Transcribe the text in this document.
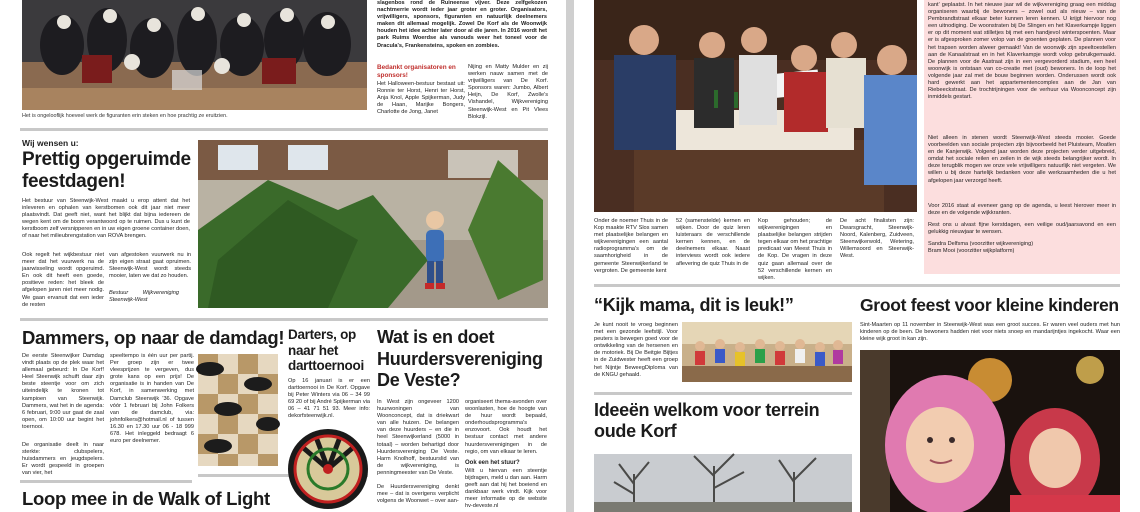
Het is ongelooflijk hoeveel werk de figuranten erin steken en hoe prachtig ze eruitzien.
slagenbos rond de Ruineense vijver. Deze zelfgekozen nachtmerrie wordt ieder jaar groter en groter. Organisators, vrijwilligers, sponsors, figuranten en natuurlijk deelnemers maken dit allemaal mogelijk. Zowel De Korf als de Woonwijk houden het idee achter later door al die jaren. In 2016 wordt het park Ruims Woerdse als vanouds weer het toneel voor de Dracula's, Frankensteins, spoken en zombies.
Bedankt organisatoren en sponsors!
Het Halloween-bestuur bestaat uit: Ronnie ter Horst, Henri ter Horst, Anja Knol, Apple Spijkerman, Judy de Haan, Marijke Bongers, Charlotte de Jong, Janet
Nijing en Matty Mulder en zij werken nauw samen met de vrijwilligers van De Korf. Sponsors waren: Jumbo, Albert Heijn, De Korf, Zwolle's Vishandel, Wijkvereniging Steenwijk-West en Pit Vlees Blokzijl.
Wij wensen u:
Prettig opgeruimde feestdagen!
Het bestuur van Steenwijk-West maakt u erop attent dat het inleveren en ophalen van kerstbomen ook dit jaar niet meer plaatsvindt. Dat geeft niet, want het blijkt dat bijna iedereen de wegen kent om de boom verantwoord op te ruimen. Dus u kunt de kerstboom zelf versnipperen en in uw eigen groene container doen, of naar het milieubrengstation van ROVA brengen.
Ook regelt het wijkbestuur niet meer dat het vuurwerk na de jaarwisseling wordt opgeruimd. En ook dit heeft een goede, positieve reden: het bleek de afgelopen jaren niet meer nodig. We gaan ervanuit dat een ieder de resten
van afgestoken vuurwerk nu in zijn eigen straat gaat opruimen. Steenwijk-West wordt steeds mooier, laten we dat zo houden.
Bestuur Wijkvereniging Steenwijk-West
Dammers, op naar de damdag!
De eerste Steenwijker Damdag vindt plaats op de plek waar het allemaal gebeurd: In De Korf! Heel Steenwijk schuift daar zijn beste steentje voor om zich uiteindelijk te kronen tot kampioen van Steenwijk. Dammers, wat het in de agenda: 6 februari, 9:00 uur gaat de zaal open, om 10:00 uur begint het toernooi.
De organisatie deelt in naar sterkte: clubspelers, huisdammers en jeugdspelers. Er wordt gespeeld in groepen van vier, het
speeltempo is één uur per partij. Per groep zijn er twee vleesprijzen te vergeven, dus grote kans op een prijs! De organisatie is in handen van De Korf, in samenwerking met Damclub Steenwijk '36. Opgave vóór 1 februari bij John Folkers van de damclub, via: johnfolkers@hotmail.nl of tussen 16.30 en 17.30 uur 06 - 18 999 678. Het inleggeld bedraagt 6 euro per deelnemer.
Darters, op naar het darttoernooi
Op 16 januari is er een darttoernooi in De Korf. Opgave bij Peter Winters via 06 – 34 99 69 20 of bij André Spijkerman via 06 – 41 71 51 93. Meer info: dekorfsteenwijk.nl.
Wat is en doet Huurdersvereniging De Veste?
In West zijn ongeveer 1200 huurwoningen van Woonconcept, dat is driekwart van alle huizen. De belangen van deze huurders – en die in heel Steenwijkerland (5000 in totaal) – worden behartigd door Huurdersvereniging De Veste. Harm Knolhoff, bestuurslid van de wijkvereniging, is penningmeester van De Veste.
De Huurdersvereniging denkt mee – dat is overigens verplicht volgens de Woonwet – over aan-
organiseert thema-avonden over woonlasten, hoe de hoogte van de huur wordt bepaald, onderhoudsprogramma's enzovoort. Ook houdt het bestuur contact met andere huurdersverenigingen in de regio, om van elkaar te leren.
Ook een het stuur?
Wilt u hiervan een steentje bijdragen, meld u dan aan. Harm geeft aan dat hij het boeiend en dankbaar werk vindt. Kijk voor meer informatie op de website hv-deveste.nl
Loop mee in de Walk of Light
Onder de noemer Thuis in de Kop maakte RTV Slos samen met plaatselijke belangen en wijkverenigingen een aantal radioprogramma's om de saamhorigheid in de gemeente Steenwijkerland te vergroten. De gemeente kent
52 (samenstelde) kernen en wijken. Door de quiz leren luisteraars de verschillende kernen kennen, en de deelnemers elkaar. Naast interviews wordt ook iedere aflevering de quiz Thuis in de
Kop gehouden; de wijkverenigingen en plaatselijke belangen strijden tegen elkaar om het prachtige predicaat van Meest Thuis in de Kop. De vragen in deze quiz gaan allemaal over de 52 verschillende kernen en wijken.
De acht finalisten zijn: Dwarsgracht, Steenwijk-Noord, Kalenberg, Zuidveen, Steenwijkerwold, Wetering, Willemsoord en Steenwijk-West.
kant' geplaatst. In het nieuwe jaar wil de wijkvereniging graag een middag organiseren waarbij de bewoners – zowel oud als nieuw – van de Pembrandtstraat elkaar beter kunnen leren kennen. U krijgt hiervoor nog een uitnodiging. De woonstraten bij De Slingen en het Klaverkampje liggen er op dit moment wat stilletjes bij met een handjevol winterspoenten. Maar er is afgesproken zomer volop van de groenten geplaten. De plannen voor het trapsen worden alweer gemaakt! Van de woonwijk zijn speeltoestellen aan de Kanaalstraat en in het Klaverkampje wordt volop gebruikgemaakt. De plannen voor de Aastraat zijn in een vergevorderd stadium, een heel woonwijk is ontstaan van co-creatie met (oud) bewoners. In de loop het volgende jaar zal met de bouw beginnen worden. Onderussen wordt ook hard gewerkt aan het appartementencomplex aan de Jan van Riebeeckstraat. De trochtrijningen voor de verhuur via Woonconcept zijn inmiddels gestart.
Niet alleen in stenen wordt Steenwijk-West steeds mooier. Goede voorbeelden van sociale projecten zijn bijvoorbeeld het Pluisteam, Moatlen en de Kanjerwijk. Volgend jaar worden deze projecten verder uitgebreid, omdat het sociale reilen en zeilen in de wijk steeds belangrijker wordt. In deze terugblik mogen we onze vele vrijwilligers natuurlijk niet vergeten. We willen u bij deze hartelijk bedanken voor alle werkzaamheden die u het afgelopen jaar verzorgd heeft.
Voor 2016 staat al eveneer gang op de agenda, u leest hierover meer in deze en de volgende wijkkranten.
Rest ons u alvast fijne kerstdagen, een veilige oud/jaarsavond en een gelukkig nieuwjaar te wensen.
Sandra Delfsma (voorzitter wijkvereniging)
Bram Mooi (voorzitter wijkplatform)
“Kijk mama, dit is leuk!”
Je kunt nooit te vroeg beginnen met een gezonde leefstijl. Voor peuters is bewegen goed voor de ontwikkeling van de hersenen en de motoriek. Bij De Beitgie Bijtjes in de Zuidwester heeft een groep het Nijntje BeweegDiploma van de KNGU gehaald.
Ideeën welkom voor terrein oude Korf
Groot feest voor kleine kinderen
Sint-Maarten op 11 november in Steenwijk-West was een groot succes. Er waren veel ouders met hun kinderen op de been. De bewoners hadden niet voor niets snoep en mandarijntjes ingekocht. Waar een kleine wijk groot in kan zijn.
